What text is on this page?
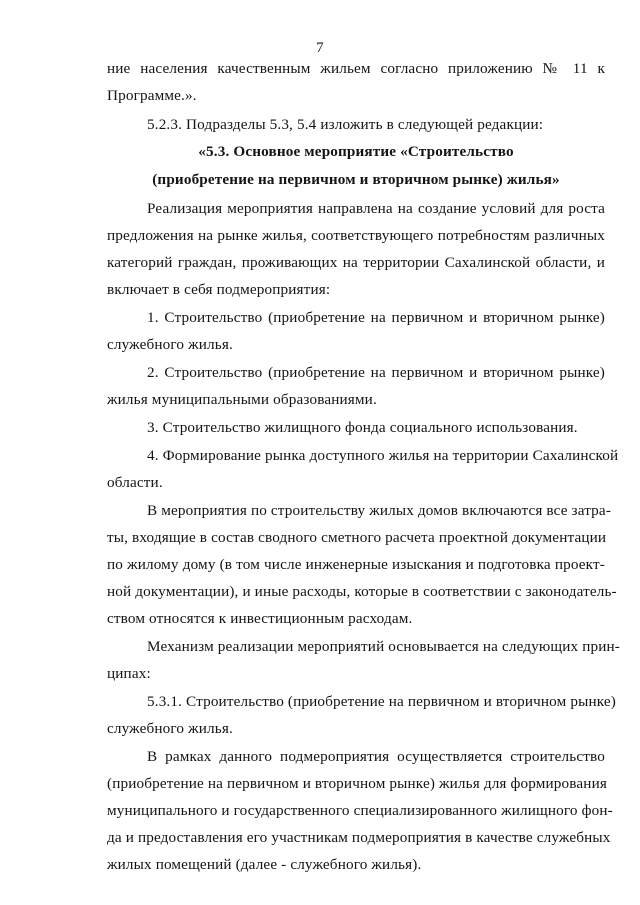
7
ние населения качественным жильем согласно приложению № 11 к
Программе.».
5.2.3. Подразделы 5.3, 5.4 изложить в следующей редакции:
«5.3. Основное мероприятие «Строительство
(приобретение на первичном и вторичном рынке) жилья»
Реализация мероприятия направлена на создание условий для роста
предложения на рынке жилья, соответствующего потребностям различных
категорий граждан, проживающих на территории Сахалинской области, и
включает в себя подмероприятия:
1. Строительство (приобретение на первичном и вторичном рынке)
служебного жилья.
2. Строительство (приобретение на первичном и вторичном рынке)
жилья муниципальными образованиями.
3. Строительство жилищного фонда социального использования.
4. Формирование рынка доступного жилья на территории Сахалинской
области.
В мероприятия по строительству жилых домов включаются все затра-
ты, входящие в состав сводного сметного расчета проектной документации
по жилому дому (в том числе инженерные изыскания и подготовка проект-
ной документации), и иные расходы, которые в соответствии с законодатель-
ством относятся к инвестиционным расходам.
Механизм реализации мероприятий основывается на следующих прин-
ципах:
5.3.1. Строительство (приобретение на первичном и вторичном рынке)
служебного жилья.
В рамках данного подмероприятия осуществляется строительство
(приобретение на первичном и вторичном рынке) жилья для формирования
муниципального и государственного специализированного жилищного фон-
да и предоставления его участникам подмероприятия в качестве служебных
жилых помещений (далее - служебного жилья).
